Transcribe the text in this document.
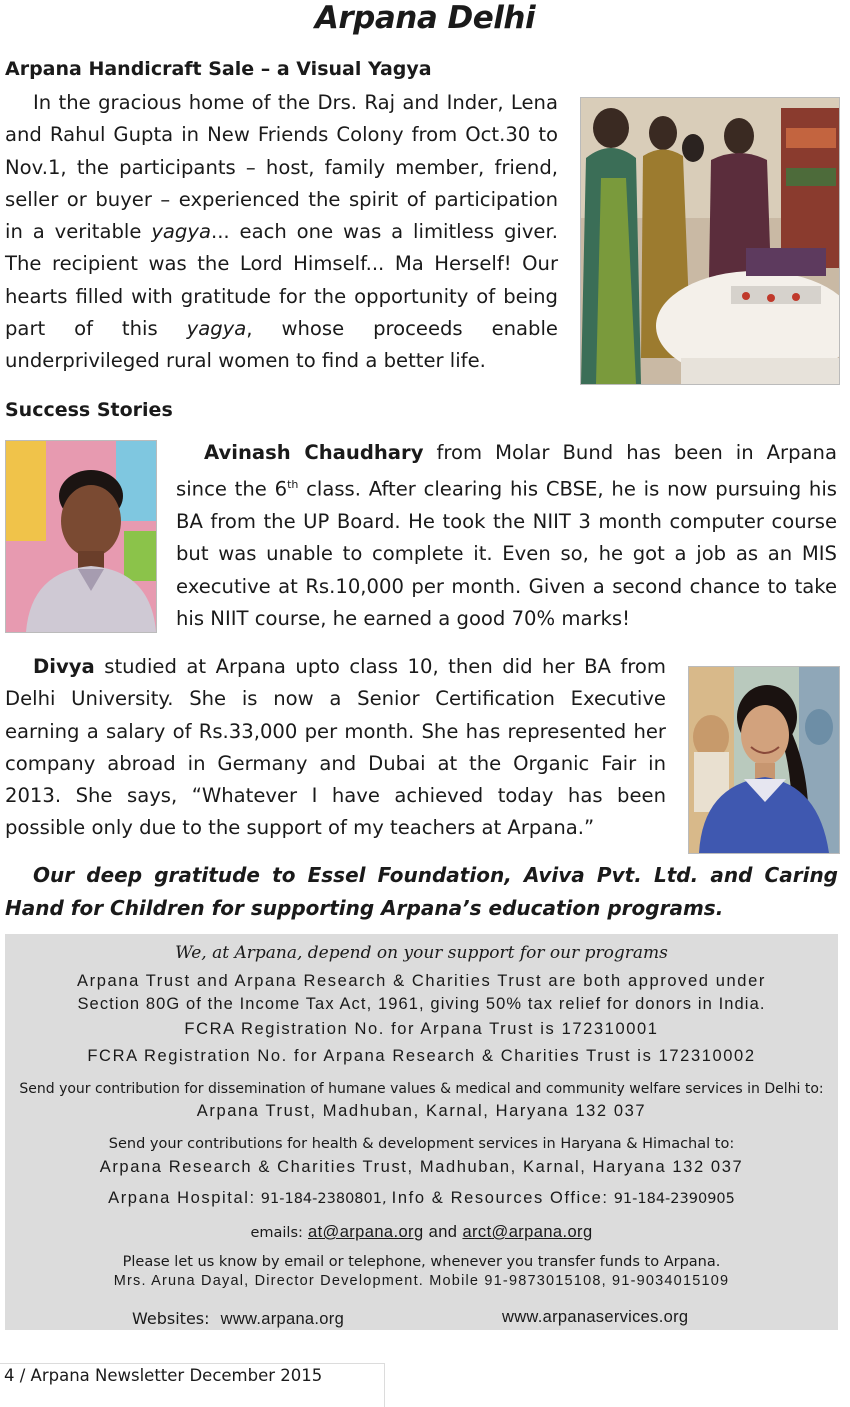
Arpana Delhi
Arpana Handicraft Sale – a Visual Yagya

In the gracious home of the Drs. Raj and Inder, Lena and Rahul Gupta in New Friends Colony from Oct.30 to Nov.1, the participants – host, family member, friend, seller or buyer – experienced the spirit of participation in a veritable yagya... each one was a limitless giver. The recipient was the Lord Himself... Ma Herself! Our hearts filled with gratitude for the opportunity of being part of this yagya, whose proceeds enable underprivileged rural women to find a better life.

Success Stories

Avinash Chaudhary from Molar Bund has been in Arpana since the 6th class. After clearing his CBSE, he is now pursuing his BA from the UP Board. He took the NIIT 3 month computer course but was unable to complete it. Even so, he got a job as an MIS executive at Rs.10,000 per month. Given a second chance to take his NIIT course, he earned a good 70% marks!

Divya studied at Arpana upto class 10, then did her BA from Delhi University. She is now a Senior Certification Executive earning a salary of Rs.33,000 per month. She has represented her company abroad in Germany and Dubai at the Organic Fair in 2013. She says, “Whatever I have achieved today has been possible only due to the support of my teachers at Arpana.”

Our deep gratitude to Essel Foundation, Aviva Pvt. Ltd. and Caring Hand for Children for supporting Arpana’s education programs.

We, at Arpana, depend on your support for our programs
Arpana Trust and Arpana Research & Charities Trust are both approved under
Section 80G of the Income Tax Act, 1961, giving 50% tax relief for donors in India.
FCRA Registration No. for Arpana Trust is 172310001
FCRA Registration No. for Arpana Research & Charities Trust is 172310002
Send your contribution for dissemination of humane values & medical and community welfare services in Delhi to:
Arpana Trust, Madhuban, Karnal, Haryana 132 037
Send your contributions for health & development services in Haryana & Himachal to:
Arpana Research & Charities Trust, Madhuban, Karnal, Haryana 132 037
Arpana Hospital: 91-184-2380801, Info & Resources Office: 91-184-2390905
emails: at@arpana.org and arct@arpana.org
Please let us know by email or telephone, whenever you transfer funds to Arpana.
Mrs. Aruna Dayal, Director Development. Mobile 91-9873015108, 91-9034015109
Websites: www.arpana.org	www.arpanaservices.org
4 / Arpana Newsletter December 2015
